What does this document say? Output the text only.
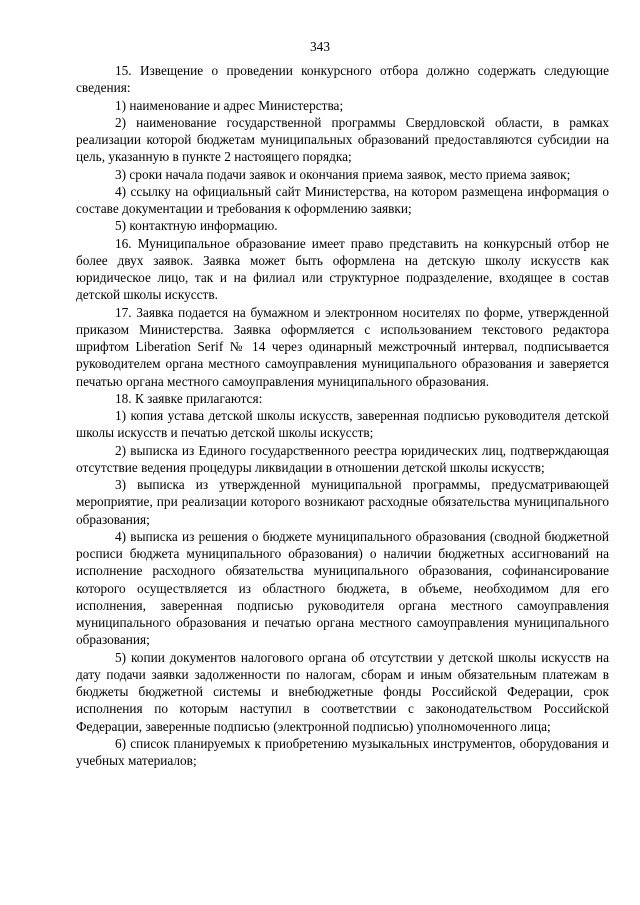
343

15. Извещение о проведении конкурсного отбора должно содержать следующие сведения:

1) наименование и адрес Министерства;

2) наименование государственной программы Свердловской области, в рамках реализации которой бюджетам муниципальных образований предоставляются субсидии на цель, указанную в пункте 2 настоящего порядка;

3) сроки начала подачи заявок и окончания приема заявок, место приема заявок;

4) ссылку на официальный сайт Министерства, на котором размещена информация о составе документации и требования к оформлению заявки;

5) контактную информацию.

16. Муниципальное образование имеет право представить на конкурсный отбор не более двух заявок. Заявка может быть оформлена на детскую школу искусств как юридическое лицо, так и на филиал или структурное подразделение, входящее в состав детской школы искусств.

17. Заявка подается на бумажном и электронном носителях по форме, утвержденной приказом Министерства. Заявка оформляется с использованием текстового редактора шрифтом Liberation Serif № 14 через одинарный межстрочный интервал, подписывается руководителем органа местного самоуправления муниципального образования и заверяется печатью органа местного самоуправления муниципального образования.

18. К заявке прилагаются:

1) копия устава детской школы искусств, заверенная подписью руководителя детской школы искусств и печатью детской школы искусств;

2) выписка из Единого государственного реестра юридических лиц, подтверждающая отсутствие ведения процедуры ликвидации в отношении детской школы искусств;

3) выписка из утвержденной муниципальной программы, предусматривающей мероприятие, при реализации которого возникают расходные обязательства муниципального образования;

4) выписка из решения о бюджете муниципального образования (сводной бюджетной росписи бюджета муниципального образования) о наличии бюджетных ассигнований на исполнение расходного обязательства муниципального образования, софинансирование которого осуществляется из областного бюджета, в объеме, необходимом для его исполнения, заверенная подписью руководителя органа местного самоуправления муниципального образования и печатью органа местного самоуправления муниципального образования;

5) копии документов налогового органа об отсутствии у детской школы искусств на дату подачи заявки задолженности по налогам, сборам и иным обязательным платежам в бюджеты бюджетной системы и внебюджетные фонды Российской Федерации, срок исполнения по которым наступил в соответствии с законодательством Российской Федерации, заверенные подписью (электронной подписью) уполномоченного лица;

6) список планируемых к приобретению музыкальных инструментов, оборудования и учебных материалов;
